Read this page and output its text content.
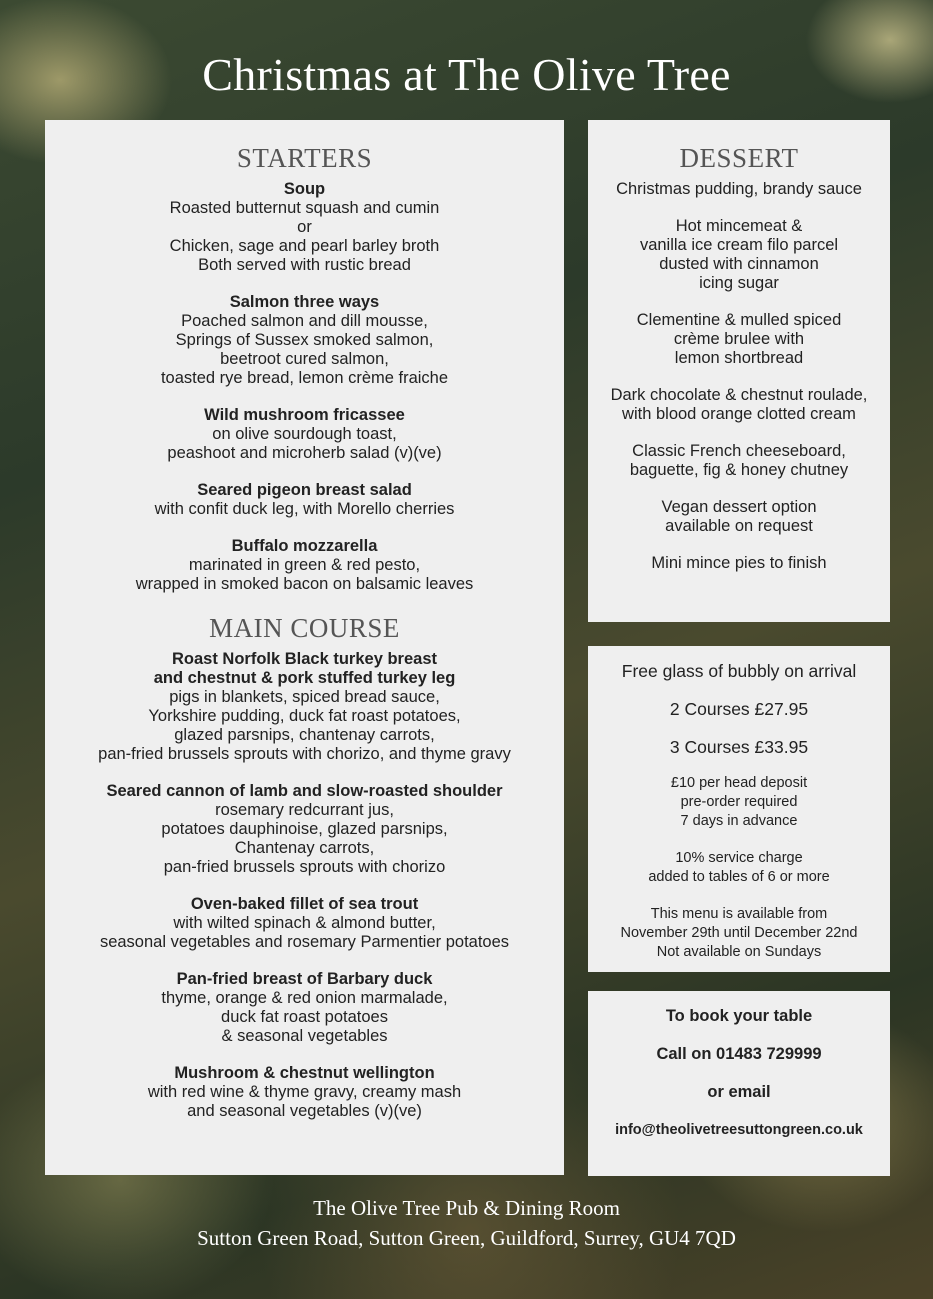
Christmas at The Olive Tree
STARTERS
Soup
Roasted butternut squash and cumin
or
Chicken, sage and pearl barley broth
Both served with rustic bread
Salmon three ways
Poached salmon and dill mousse,
Springs of Sussex smoked salmon,
beetroot cured salmon,
toasted rye bread, lemon crème fraiche
Wild mushroom fricassee
on olive sourdough toast,
peashoot and microherb salad (v)(ve)
Seared pigeon breast salad
with confit duck leg, with Morello cherries
Buffalo mozzarella
marinated in green & red pesto,
wrapped in smoked bacon on balsamic leaves
MAIN COURSE
Roast Norfolk Black turkey breast
and chestnut & pork stuffed turkey leg
pigs in blankets, spiced bread sauce,
Yorkshire pudding, duck fat roast potatoes,
glazed parsnips, chantenay carrots,
pan-fried brussels sprouts with chorizo, and thyme gravy
Seared cannon of lamb and slow-roasted shoulder
rosemary redcurrant jus,
potatoes dauphinoise, glazed parsnips,
Chantenay carrots,
pan-fried brussels sprouts with chorizo
Oven-baked fillet of sea trout
with wilted spinach & almond butter,
seasonal vegetables and rosemary Parmentier potatoes
Pan-fried breast of Barbary duck
thyme, orange & red onion marmalade,
duck fat roast potatoes
& seasonal vegetables
Mushroom & chestnut wellington
with red wine & thyme gravy, creamy mash
and seasonal vegetables (v)(ve)
DESSERT
Christmas pudding, brandy sauce
Hot mincemeat &
vanilla ice cream filo parcel
dusted with cinnamon
icing sugar
Clementine & mulled spiced
crème brulee with
lemon shortbread
Dark chocolate & chestnut roulade,
with blood orange clotted cream
Classic French cheeseboard,
baguette, fig & honey chutney
Vegan dessert option
available on request
Mini mince pies to finish
Free glass of bubbly on arrival
2 Courses £27.95
3 Courses £33.95
£10 per head deposit
pre-order required
7 days in advance
10% service charge
added to tables of 6 or more
This menu is available from
November 29th until December 22nd
Not available on Sundays
To book your table
Call on 01483 729999
or email
info@theolivetreesuttongreen.co.uk
The Olive Tree Pub & Dining Room
Sutton Green Road, Sutton Green, Guildford, Surrey, GU4 7QD
